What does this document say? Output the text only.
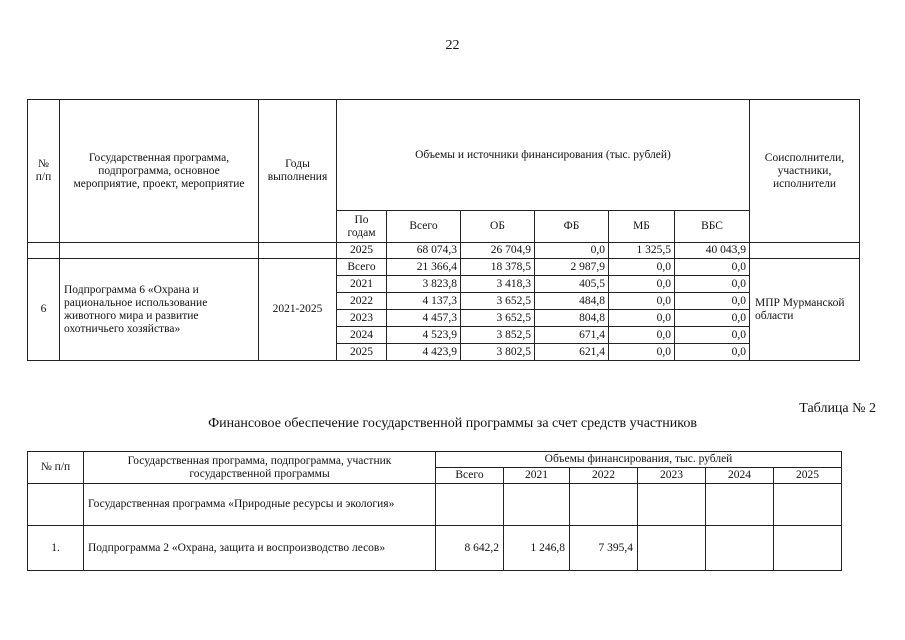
22
№ п/п	Государственная программа, подпрограмма, основное мероприятие, проект, мероприятие	Годы выполнения	Объемы и источники финансирования (тыс. рублей)						Соисполнители, участники, исполнители
			По годам	Всего	ОБ	ФБ	МБ	ВБС	
			2025	68 074,3	26 704,9	0,0	1 325,5	40 043,9	
6	Подпрограмма 6 «Охрана и рациональное использование животного мира и развитие охотничьего хозяйства»	2021-2025	Всего	21 366,4	18 378,5	2 987,9	0,0	0,0	МПР Мурманской области
			2021	3 823,8	3 418,3	405,5	0,0	0,0	
			2022	4 137,3	3 652,5	484,8	0,0	0,0	
			2023	4 457,3	3 652,5	804,8	0,0	0,0	
			2024	4 523,9	3 852,5	671,4	0,0	0,0	
			2025	4 423,9	3 802,5	621,4	0,0	0,0	
Таблица № 2
Финансовое обеспечение государственной программы за счет средств участников
№ п/п	Государственная программа, подпрограмма, участник государственной программы	Объемы финансирования, тыс. рублей					
		Всего	2021	2022	2023	2024	2025
	Государственная программа «Природные ресурсы и экология»						
1.	Подпрограмма 2 «Охрана, защита и воспроизводство лесов»	8 642,2	1 246,8	7 395,4			
